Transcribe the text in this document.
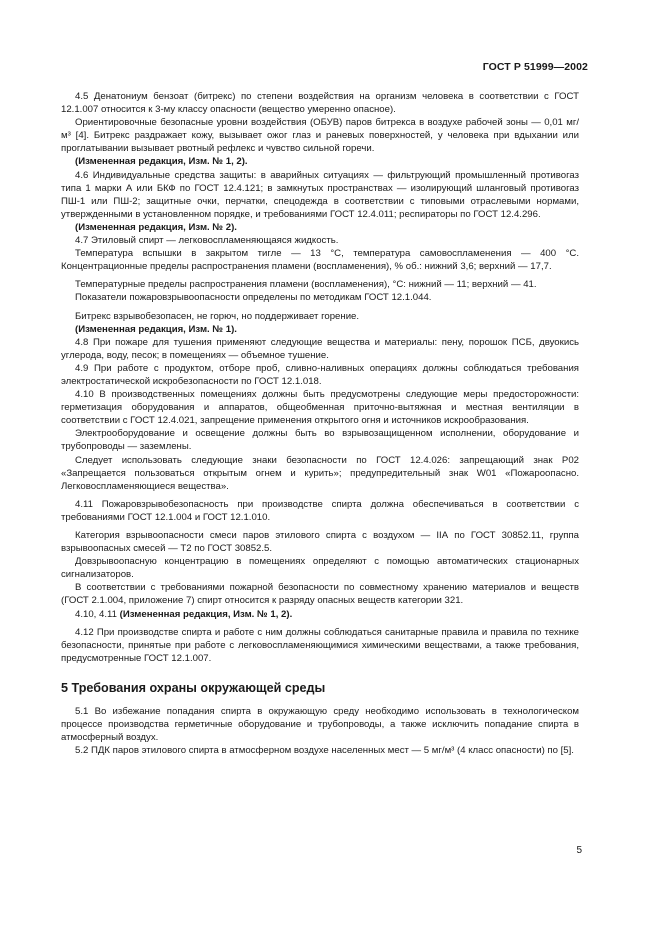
ГОСТ Р 51999—2002

4.5 Денатониум бензоат (битрекс) по степени воздействия на организм человека в соответствии с ГОСТ 12.1.007 относится к 3-му классу опасности (вещество умеренно опасное).

Ориентировочные безопасные уровни воздействия (ОБУВ) паров битрекса в воздухе рабочей зоны — 0,01 мг/м³ [4]. Битрекс раздражает кожу, вызывает ожог глаз и раневых поверхностей, у человека при вдыхании или проглатывании вызывает рвотный рефлекс и чувство сильной горечи.

(Измененная редакция, Изм. № 1, 2).

4.6 Индивидуальные средства защиты: в аварийных ситуациях — фильтрующий промышленный противогаз типа 1 марки А или БКФ по ГОСТ 12.4.121; в замкнутых пространствах — изолирующий шланговый противогаз ПШ-1 или ПШ-2; защитные очки, перчатки, спецодежда в соответствии с типовыми отраслевыми нормами, утвержденными в установленном порядке, и требованиями ГОСТ 12.4.011; респираторы по ГОСТ 12.4.296.

(Измененная редакция, Изм. № 2).

4.7 Этиловый спирт — легковоспламеняющаяся жидкость.

Температура вспышки в закрытом тигле — 13 °С, температура самовоспламенения — 400 °С. Концентрационные пределы распространения пламени (воспламенения), % об.: нижний 3,6; верхний — 17,7.

Температурные пределы распространения пламени (воспламенения), °С: нижний — 11; верхний — 41.

Показатели пожаровзрывоопасности определены по методикам ГОСТ 12.1.044.

Битрекс взрывобезопасен, не горюч, но поддерживает горение.

(Измененная редакция, Изм. № 1).

4.8 При пожаре для тушения применяют следующие вещества и материалы: пену, порошок ПСБ, двуокись углерода, воду, песок; в помещениях — объемное тушение.

4.9 При работе с продуктом, отборе проб, сливно-наливных операциях должны соблюдаться требования электростатической искробезопасности по ГОСТ 12.1.018.

4.10 В производственных помещениях должны быть предусмотрены следующие меры предосторожности: герметизация оборудования и аппаратов, общеобменная приточно-вытяжная и местная вентиляции в соответствии с ГОСТ 12.4.021, запрещение применения открытого огня и источников искрообразования.

Электрооборудование и освещение должны быть во взрывозащищенном исполнении, оборудование и трубопроводы — заземлены.

Следует использовать следующие знаки безопасности по ГОСТ 12.4.026: запрещающий знак Р02 «Запрещается пользоваться открытым огнем и курить»; предупредительный знак W01 «Пожароопасно. Легковоспламеняющиеся вещества».

4.11 Пожаровзрывобезопасность при производстве спирта должна обеспечиваться в соответствии с требованиями ГОСТ 12.1.004 и ГОСТ 12.1.010.

Категория взрывоопасности смеси паров этилового спирта с воздухом — IIА по ГОСТ 30852.11, группа взрывоопасных смесей — Т2 по ГОСТ 30852.5.

Довзрывоопасную концентрацию в помещениях определяют с помощью автоматических стационарных сигнализаторов.

В соответствии с требованиями пожарной безопасности по совместному хранению материалов и веществ (ГОСТ 2.1.004, приложение 7) спирт относится к разряду опасных веществ категории 321.

4.10, 4.11 (Измененная редакция, Изм. № 1, 2).

4.12 При производстве спирта и работе с ним должны соблюдаться санитарные правила и правила по технике безопасности, принятые при работе с легковоспламеняющимися химическими веществами, а также требования, предусмотренные ГОСТ 12.1.007.

5 Требования охраны окружающей среды

5.1 Во избежание попадания спирта в окружающую среду необходимо использовать в технологическом процессе производства герметичные оборудование и трубопроводы, а также исключить попадание спирта в атмосферный воздух.

5.2 ПДК паров этилового спирта в атмосферном воздухе населенных мест — 5 мг/м³ (4 класс опасности) по [5].

5
